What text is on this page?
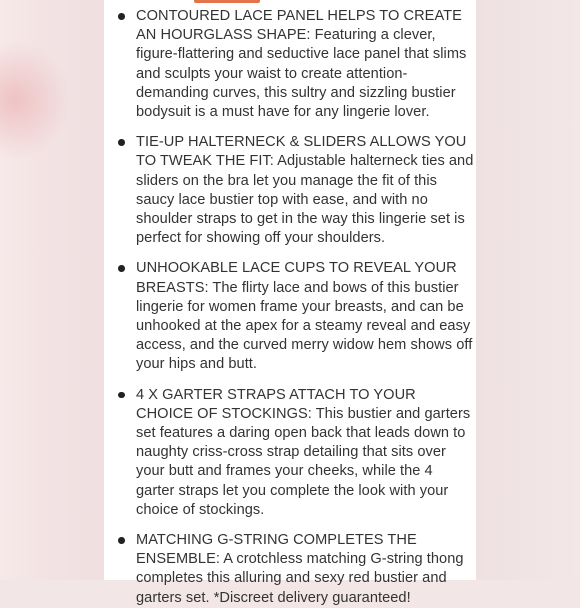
CONTOURED LACE PANEL HELPS TO CREATE AN HOURGLASS SHAPE: Featuring a clever, figure-flattering and seductive lace panel that slims and sculpts your waist to create attention-demanding curves, this sultry and sizzling bustier bodysuit is a must have for any lingerie lover.
TIE-UP HALTERNECK & SLIDERS ALLOWS YOU TO TWEAK THE FIT: Adjustable halterneck ties and sliders on the bra let you manage the fit of this saucy lace bustier top with ease, and with no shoulder straps to get in the way this lingerie set is perfect for showing off your shoulders.
UNHOOKABLE LACE CUPS TO REVEAL YOUR BREASTS: The flirty lace and bows of this bustier lingerie for women frame your breasts, and can be unhooked at the apex for a steamy reveal and easy access, and the curved merry widow hem shows off your hips and butt.
4 X GARTER STRAPS ATTACH TO YOUR CHOICE OF STOCKINGS: This bustier and garters set features a daring open back that leads down to naughty criss-cross strap detailing that sits over your butt and frames your cheeks, while the 4 garter straps let you complete the look with your choice of stockings.
MATCHING G-STRING COMPLETES THE ENSEMBLE: A crotchless matching G-string thong completes this alluring and sexy red bustier and garters set. *Discreet delivery guaranteed!
